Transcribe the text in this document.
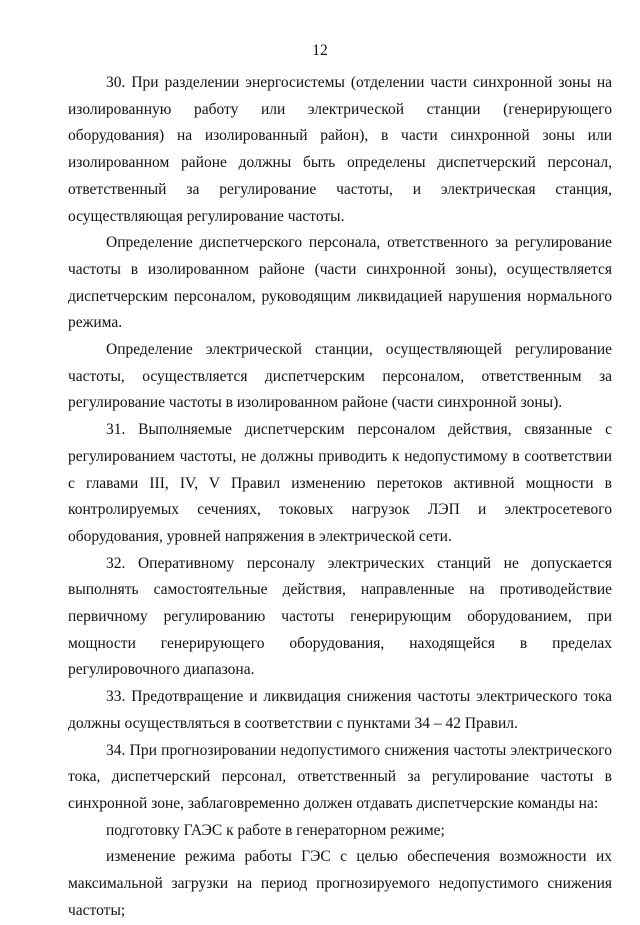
12

30. При разделении энергосистемы (отделении части синхронной зоны на изолированную работу или электрической станции (генерирующего оборудования) на изолированный район), в части синхронной зоны или изолированном районе должны быть определены диспетчерский персонал, ответственный за регулирование частоты, и электрическая станция, осуществляющая регулирование частоты.

Определение диспетчерского персонала, ответственного за регулирование частоты в изолированном районе (части синхронной зоны), осуществляется диспетчерским персоналом, руководящим ликвидацией нарушения нормального режима.

Определение электрической станции, осуществляющей регулирование частоты, осуществляется диспетчерским персоналом, ответственным за регулирование частоты в изолированном районе (части синхронной зоны).

31. Выполняемые диспетчерским персоналом действия, связанные с регулированием частоты, не должны приводить к недопустимому в соответствии с главами III, IV, V Правил изменению перетоков активной мощности в контролируемых сечениях, токовых нагрузок ЛЭП и электросетевого оборудования, уровней напряжения в электрической сети.

32. Оперативному персоналу электрических станций не допускается выполнять самостоятельные действия, направленные на противодействие первичному регулированию частоты генерирующим оборудованием, при мощности генерирующего оборудования, находящейся в пределах регулировочного диапазона.

33. Предотвращение и ликвидация снижения частоты электрического тока должны осуществляться в соответствии с пунктами 34 – 42 Правил.

34. При прогнозировании недопустимого снижения частоты электрического тока, диспетчерский персонал, ответственный за регулирование частоты в синхронной зоне, заблаговременно должен отдавать диспетчерские команды на:

подготовку ГАЭС к работе в генераторном режиме;

изменение режима работы ГЭС с целью обеспечения возможности их максимальной загрузки на период прогнозируемого недопустимого снижения частоты;
